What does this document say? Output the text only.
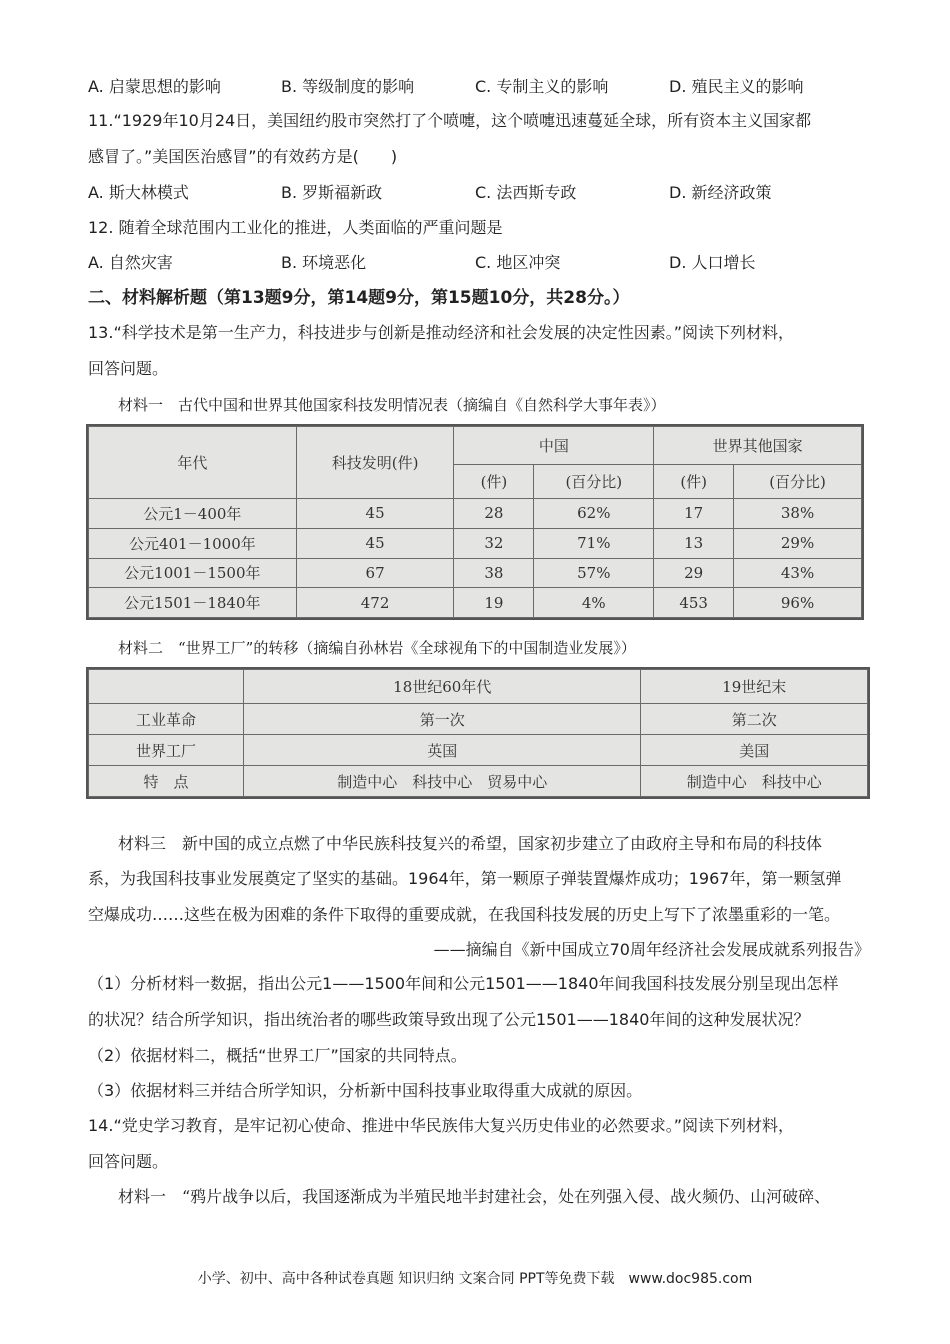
A. 启蒙思想的影响	B. 等级制度的影响	C. 专制主义的影响	D. 殖民主义的影响
11.“1929年10月24日，美国纽约股市突然打了个喷嚏，这个喷嚏迅速蔓延全球，所有资本主义国家都
感冒了。”美国医治感冒”的有效药方是(　　)
A. 斯大林模式	B. 罗斯福新政	C. 法西斯专政	D. 新经济政策
12. 随着全球范围内工业化的推进，人类面临的严重问题是
A. 自然灾害	B. 环境恶化	C. 地区冲突	D. 人口增长
二、材料解析题（第13题9分，第14题9分，第15题10分，共28分。）
13.“科学技术是第一生产力，科技进步与创新是推动经济和社会发展的决定性因素。”阅读下列材料，
回答问题。
材料一　古代中国和世界其他国家科技发明情况表（摘编自《自然科学大事年表》）
年代	科技发明(件)	中国		世界其他国家	
		(件)	(百分比)	(件)	(百分比)
公元1－400年	45	28	62%	17	38%
公元401－1000年	45	32	71%	13	29%
公元1001－1500年	67	38	57%	29	43%
公元1501－1840年	472	19	4%	453	96%
材料二　“世界工厂”的转移（摘编自孙林岩《全球视角下的中国制造业发展》）
	18世纪60年代	19世纪末
工业革命	第一次	第二次
世界工厂	英国	美国
特　点	制造中心　科技中心　贸易中心	制造中心　科技中心
材料三　新中国的成立点燃了中华民族科技复兴的希望，国家初步建立了由政府主导和布局的科技体
系，为我国科技事业发展奠定了坚实的基础。1964年，第一颗原子弹装置爆炸成功；1967年，第一颗氢弹
空爆成功……这些在极为困难的条件下取得的重要成就，在我国科技发展的历史上写下了浓墨重彩的一笔。
——摘编自《新中国成立70周年经济社会发展成就系列报告》
（1）分析材料一数据，指出公元1——1500年间和公元1501——1840年间我国科技发展分别呈现出怎样
的状况？结合所学知识，指出统治者的哪些政策导致出现了公元1501——1840年间的这种发展状况？
（2）依据材料二，概括“世界工厂”国家的共同特点。
（3）依据材料三并结合所学知识，分析新中国科技事业取得重大成就的原因。
14.“党史学习教育，是牢记初心使命、推进中华民族伟大复兴历史伟业的必然要求。”阅读下列材料，
回答问题。
材料一　“鸦片战争以后，我国逐渐成为半殖民地半封建社会，处在列强入侵、战火频仍、山河破碎、
小学、初中、高中各种试卷真题 知识归纳 文案合同 PPT等免费下载　www.doc985.com
